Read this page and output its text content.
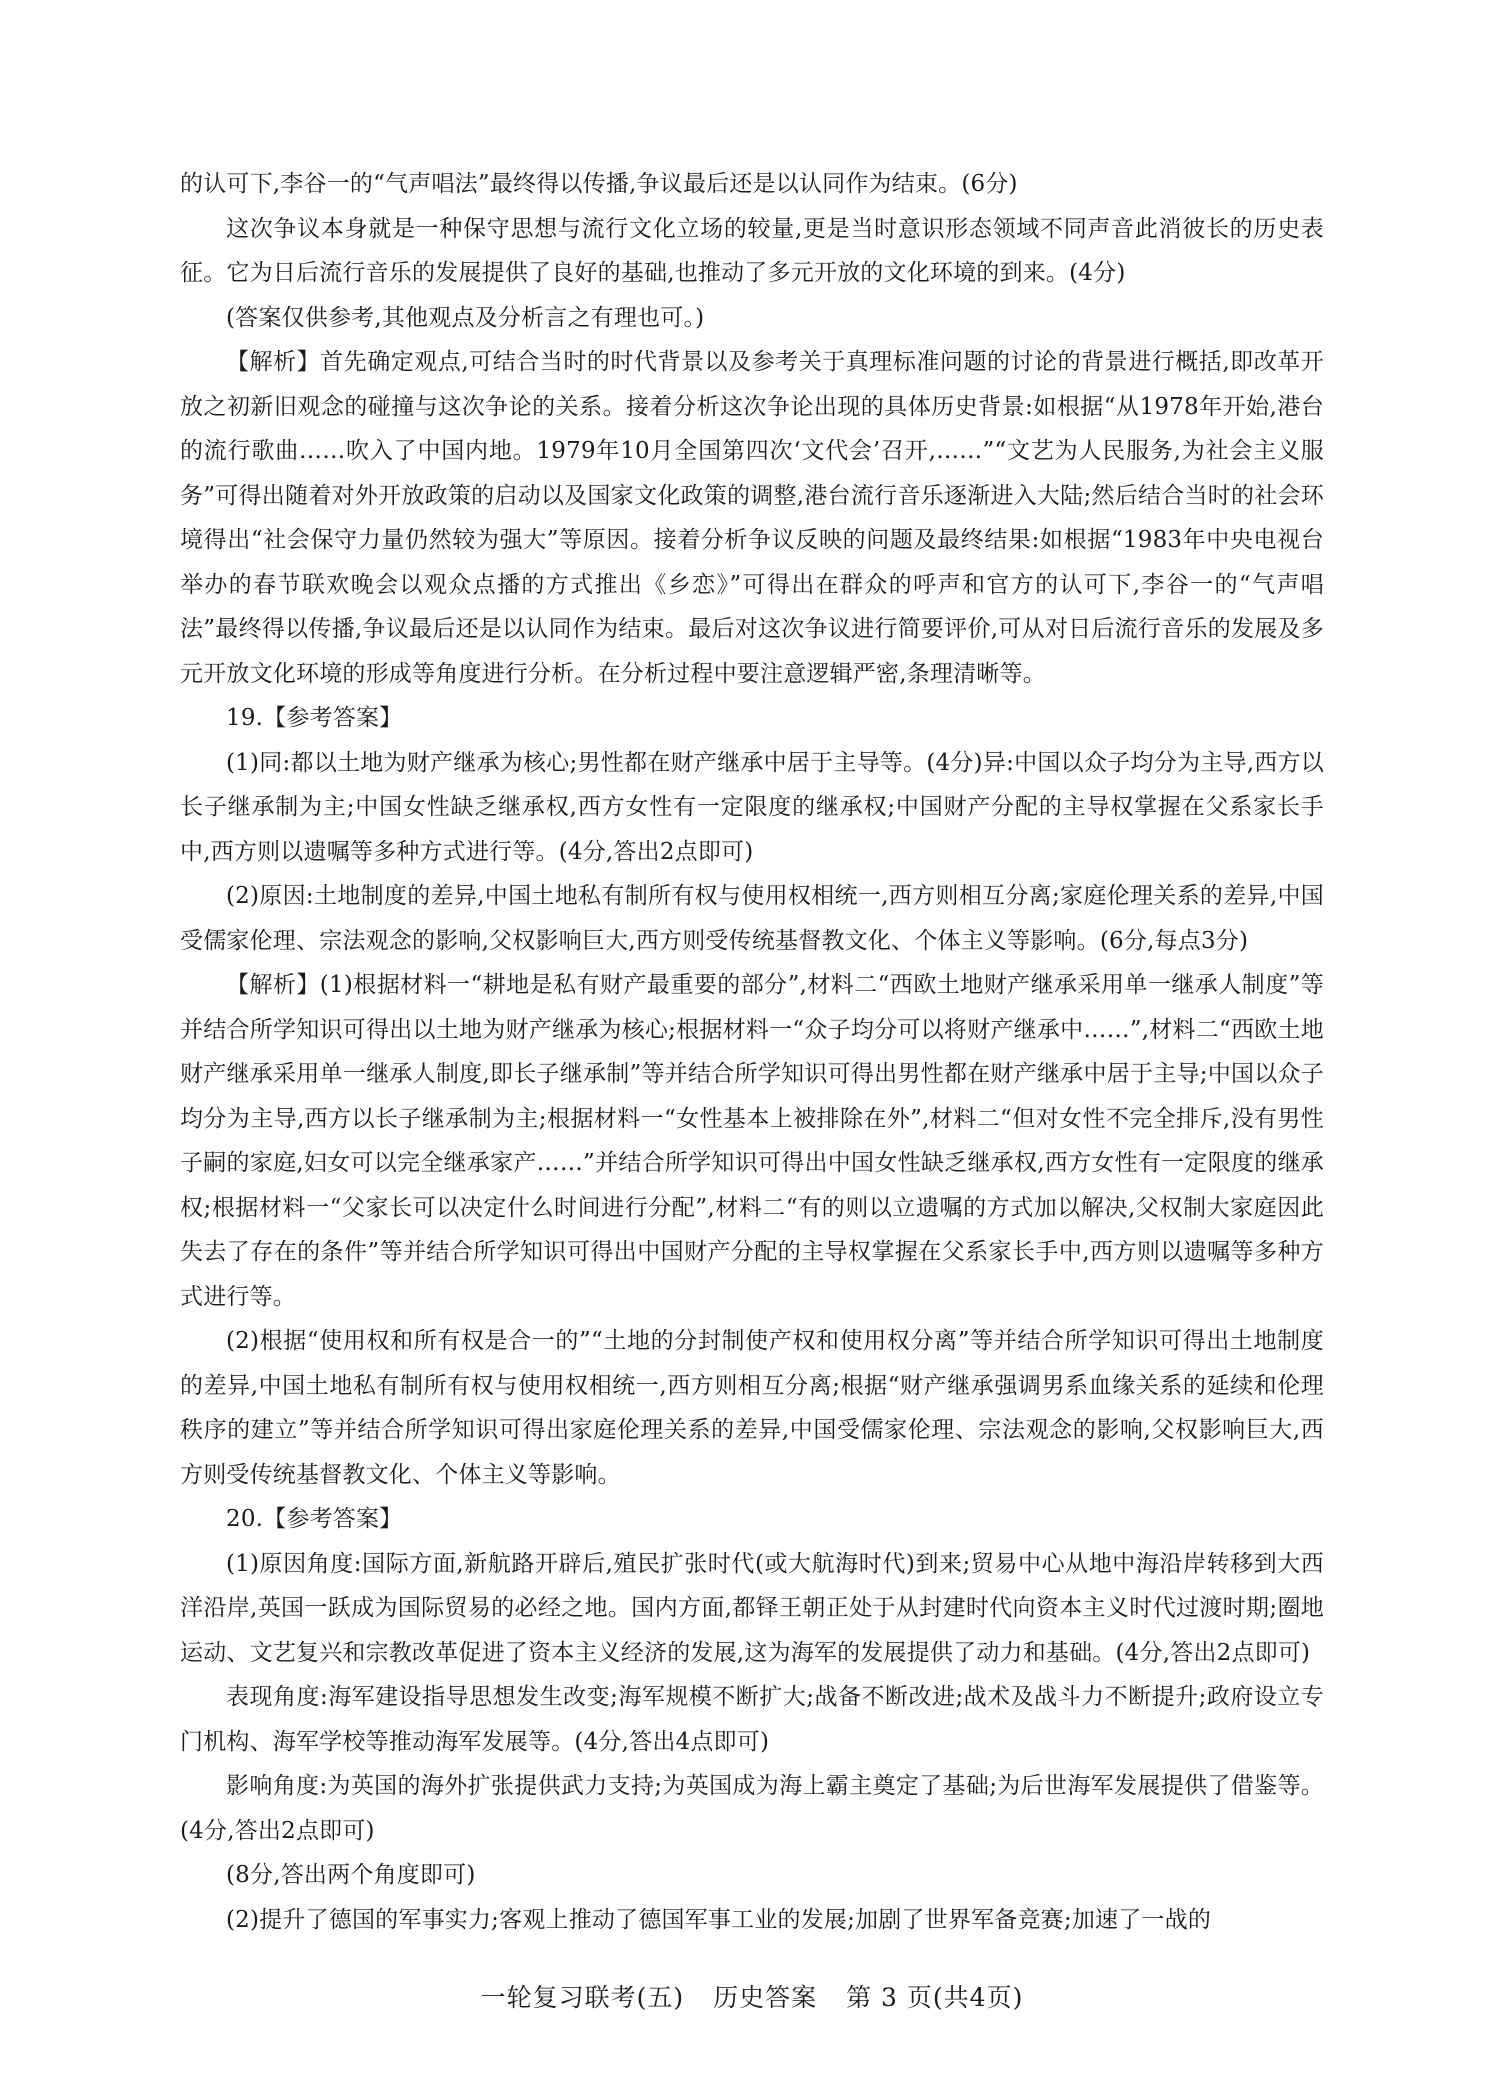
的认可下,李谷一的“气声唱法”最终得以传播,争议最后还是以认同作为结束。(6分)

这次争议本身就是一种保守思想与流行文化立场的较量,更是当时意识形态领域不同声音此消彼长的历史表征。它为日后流行音乐的发展提供了良好的基础,也推动了多元开放的文化环境的到来。(4分)

(答案仅供参考,其他观点及分析言之有理也可。)

【解析】首先确定观点,可结合当时的时代背景以及参考关于真理标准问题的讨论的背景进行概括,即改革开放之初新旧观念的碰撞与这次争论的关系。接着分析这次争论出现的具体历史背景:如根据“从1978年开始,港台的流行歌曲……吹入了中国内地。1979年10月全国第四次‘文代会’召开,……”“文艺为人民服务,为社会主义服务”可得出随着对外开放政策的启动以及国家文化政策的调整,港台流行音乐逐渐进入大陆;然后结合当时的社会环境得出“社会保守力量仍然较为强大”等原因。接着分析争议反映的问题及最终结果:如根据“1983年中央电视台举办的春节联欢晚会以观众点播的方式推出《乡恋》”可得出在群众的呼声和官方的认可下,李谷一的“气声唱法”最终得以传播,争议最后还是以认同作为结束。最后对这次争议进行简要评价,可从对日后流行音乐的发展及多元开放文化环境的形成等角度进行分析。在分析过程中要注意逻辑严密,条理清晰等。

19.【参考答案】

(1)同:都以土地为财产继承为核心;男性都在财产继承中居于主导等。(4分)异:中国以众子均分为主导,西方以长子继承制为主;中国女性缺乏继承权,西方女性有一定限度的继承权;中国财产分配的主导权掌握在父系家长手中,西方则以遗嘱等多种方式进行等。(4分,答出2点即可)

(2)原因:土地制度的差异,中国土地私有制所有权与使用权相统一,西方则相互分离;家庭伦理关系的差异,中国受儒家伦理、宗法观念的影响,父权影响巨大,西方则受传统基督教文化、个体主义等影响。(6分,每点3分)

【解析】(1)根据材料一“耕地是私有财产最重要的部分”,材料二“西欧土地财产继承采用单一继承人制度”等并结合所学知识可得出以土地为财产继承为核心;根据材料一“众子均分可以将财产继承中……”,材料二“西欧土地财产继承采用单一继承人制度,即长子继承制”等并结合所学知识可得出男性都在财产继承中居于主导;中国以众子均分为主导,西方以长子继承制为主;根据材料一“女性基本上被排除在外”,材料二“但对女性不完全排斥,没有男性子嗣的家庭,妇女可以完全继承家产……”并结合所学知识可得出中国女性缺乏继承权,西方女性有一定限度的继承权;根据材料一“父家长可以决定什么时间进行分配”,材料二“有的则以立遗嘱的方式加以解决,父权制大家庭因此失去了存在的条件”等并结合所学知识可得出中国财产分配的主导权掌握在父系家长手中,西方则以遗嘱等多种方式进行等。

(2)根据“使用权和所有权是合一的”“土地的分封制使产权和使用权分离”等并结合所学知识可得出土地制度的差异,中国土地私有制所有权与使用权相统一,西方则相互分离;根据“财产继承强调男系血缘关系的延续和伦理秩序的建立”等并结合所学知识可得出家庭伦理关系的差异,中国受儒家伦理、宗法观念的影响,父权影响巨大,西方则受传统基督教文化、个体主义等影响。

20.【参考答案】

(1)原因角度:国际方面,新航路开辟后,殖民扩张时代(或大航海时代)到来;贸易中心从地中海沿岸转移到大西洋沿岸,英国一跃成为国际贸易的必经之地。国内方面,都铎王朝正处于从封建时代向资本主义时代过渡时期;圈地运动、文艺复兴和宗教改革促进了资本主义经济的发展,这为海军的发展提供了动力和基础。(4分,答出2点即可)

表现角度:海军建设指导思想发生改变;海军规模不断扩大;战备不断改进;战术及战斗力不断提升;政府设立专门机构、海军学校等推动海军发展等。(4分,答出4点即可)

影响角度:为英国的海外扩张提供武力支持;为英国成为海上霸主奠定了基础;为后世海军发展提供了借鉴等。(4分,答出2点即可)

(8分,答出两个角度即可)

(2)提升了德国的军事实力;客观上推动了德国军事工业的发展;加剧了世界军备竞赛;加速了一战的

一轮复习联考(五) 历史答案 第 3 页(共4页)
